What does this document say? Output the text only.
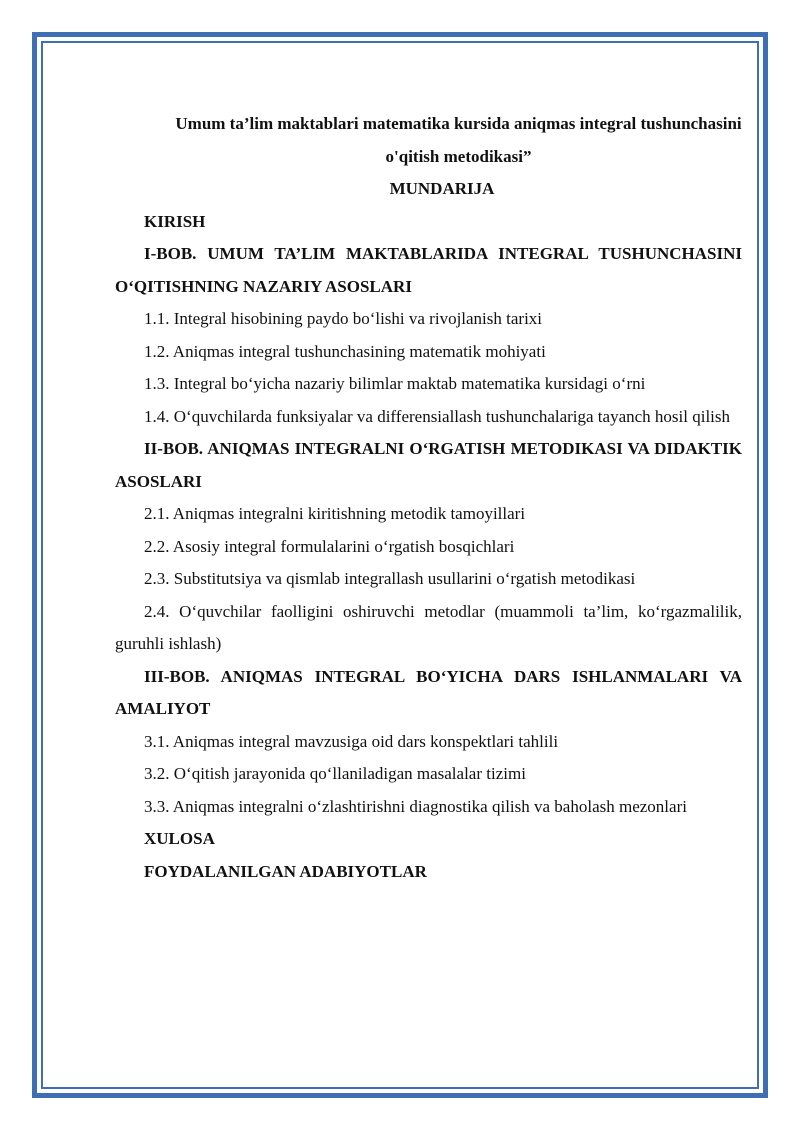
Umum ta’lim maktablari matematika kursida aniqmas integral tushunchasini o'qitish metodikasi”

MUNDARIJA

KIRISH

I-BOB. UMUM TA’LIM MAKTABLARIDA INTEGRAL TUSHUNCHASINI O‘QITISHNING NAZARIY ASOSLARI

1.1. Integral hisobining paydo bo‘lishi va rivojlanish tarixi

1.2. Aniqmas integral tushunchasining matematik mohiyati

1.3. Integral bo‘yicha nazariy bilimlar maktab matematika kursidagi o‘rni

1.4. O‘quvchilarda funksiyalar va differensiallash tushunchalariga tayanch hosil qilish

II-BOB. ANIQMAS INTEGRALNI O‘RGATISH METODIKASI VA DIDAKTIK ASOSLARI

2.1. Aniqmas integralni kiritishning metodik tamoyillari

2.2. Asosiy integral formulalarini o‘rgatish bosqichlari

2.3. Substitutsiya va qismlab integrallash usullarini o‘rgatish metodikasi

2.4. O‘quvchilar faolligini oshiruvchi metodlar (muammoli ta’lim, ko‘rgazmalilik, guruhli ishlash)

III-BOB. ANIQMAS INTEGRAL BO‘YICHA DARS ISHLANMALARI VA AMALIYOT

3.1. Aniqmas integral mavzusiga oid dars konspektlari tahlili

3.2. O‘qitish jarayonida qo‘llaniladigan masalalar tizimi

3.3. Aniqmas integralni o‘zlashtirishni diagnostika qilish va baholash mezonlari

XULOSA

FOYDALANILGAN ADABIYOTLAR
